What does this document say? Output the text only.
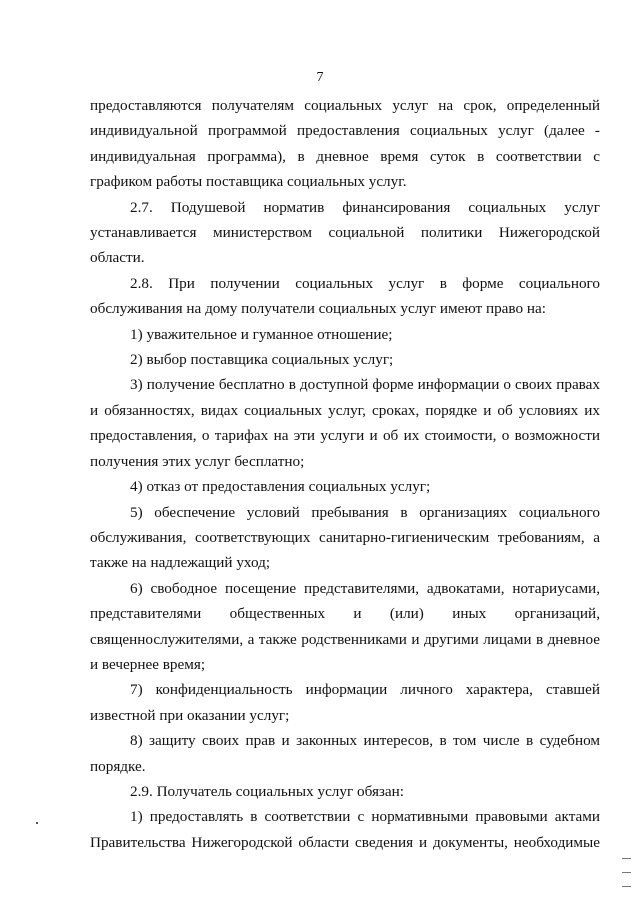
7

предоставляются получателям социальных услуг на срок, определенный индивидуальной программой предоставления социальных услуг (далее - индивидуальная программа), в дневное время суток в соответствии с графиком работы поставщика социальных услуг.

2.7. Подушевой норматив финансирования социальных услуг устанавливается министерством социальной политики Нижегородской области.

2.8. При получении социальных услуг в форме социального обслуживания на дому получатели социальных услуг имеют право на:

1) уважительное и гуманное отношение;

2) выбор поставщика социальных услуг;

3) получение бесплатно в доступной форме информации о своих правах и обязанностях, видах социальных услуг, сроках, порядке и об условиях их предоставления, о тарифах на эти услуги и об их стоимости, о возможности получения этих услуг бесплатно;

4) отказ от предоставления социальных услуг;

5) обеспечение условий пребывания в организациях социального обслуживания, соответствующих санитарно-гигиеническим требованиям, а также на надлежащий уход;

6) свободное посещение представителями, адвокатами, нотариусами, представителями общественных и (или) иных организаций, священнослужителями, а также родственниками и другими лицами в дневное и вечернее время;

7) конфиденциальность информации личного характера, ставшей известной при оказании услуг;

8) защиту своих прав и законных интересов, в том числе в судебном порядке.

2.9. Получатель социальных услуг обязан:

1) предоставлять в соответствии с нормативными правовыми актами Правительства Нижегородской области сведения и документы, необходимые
